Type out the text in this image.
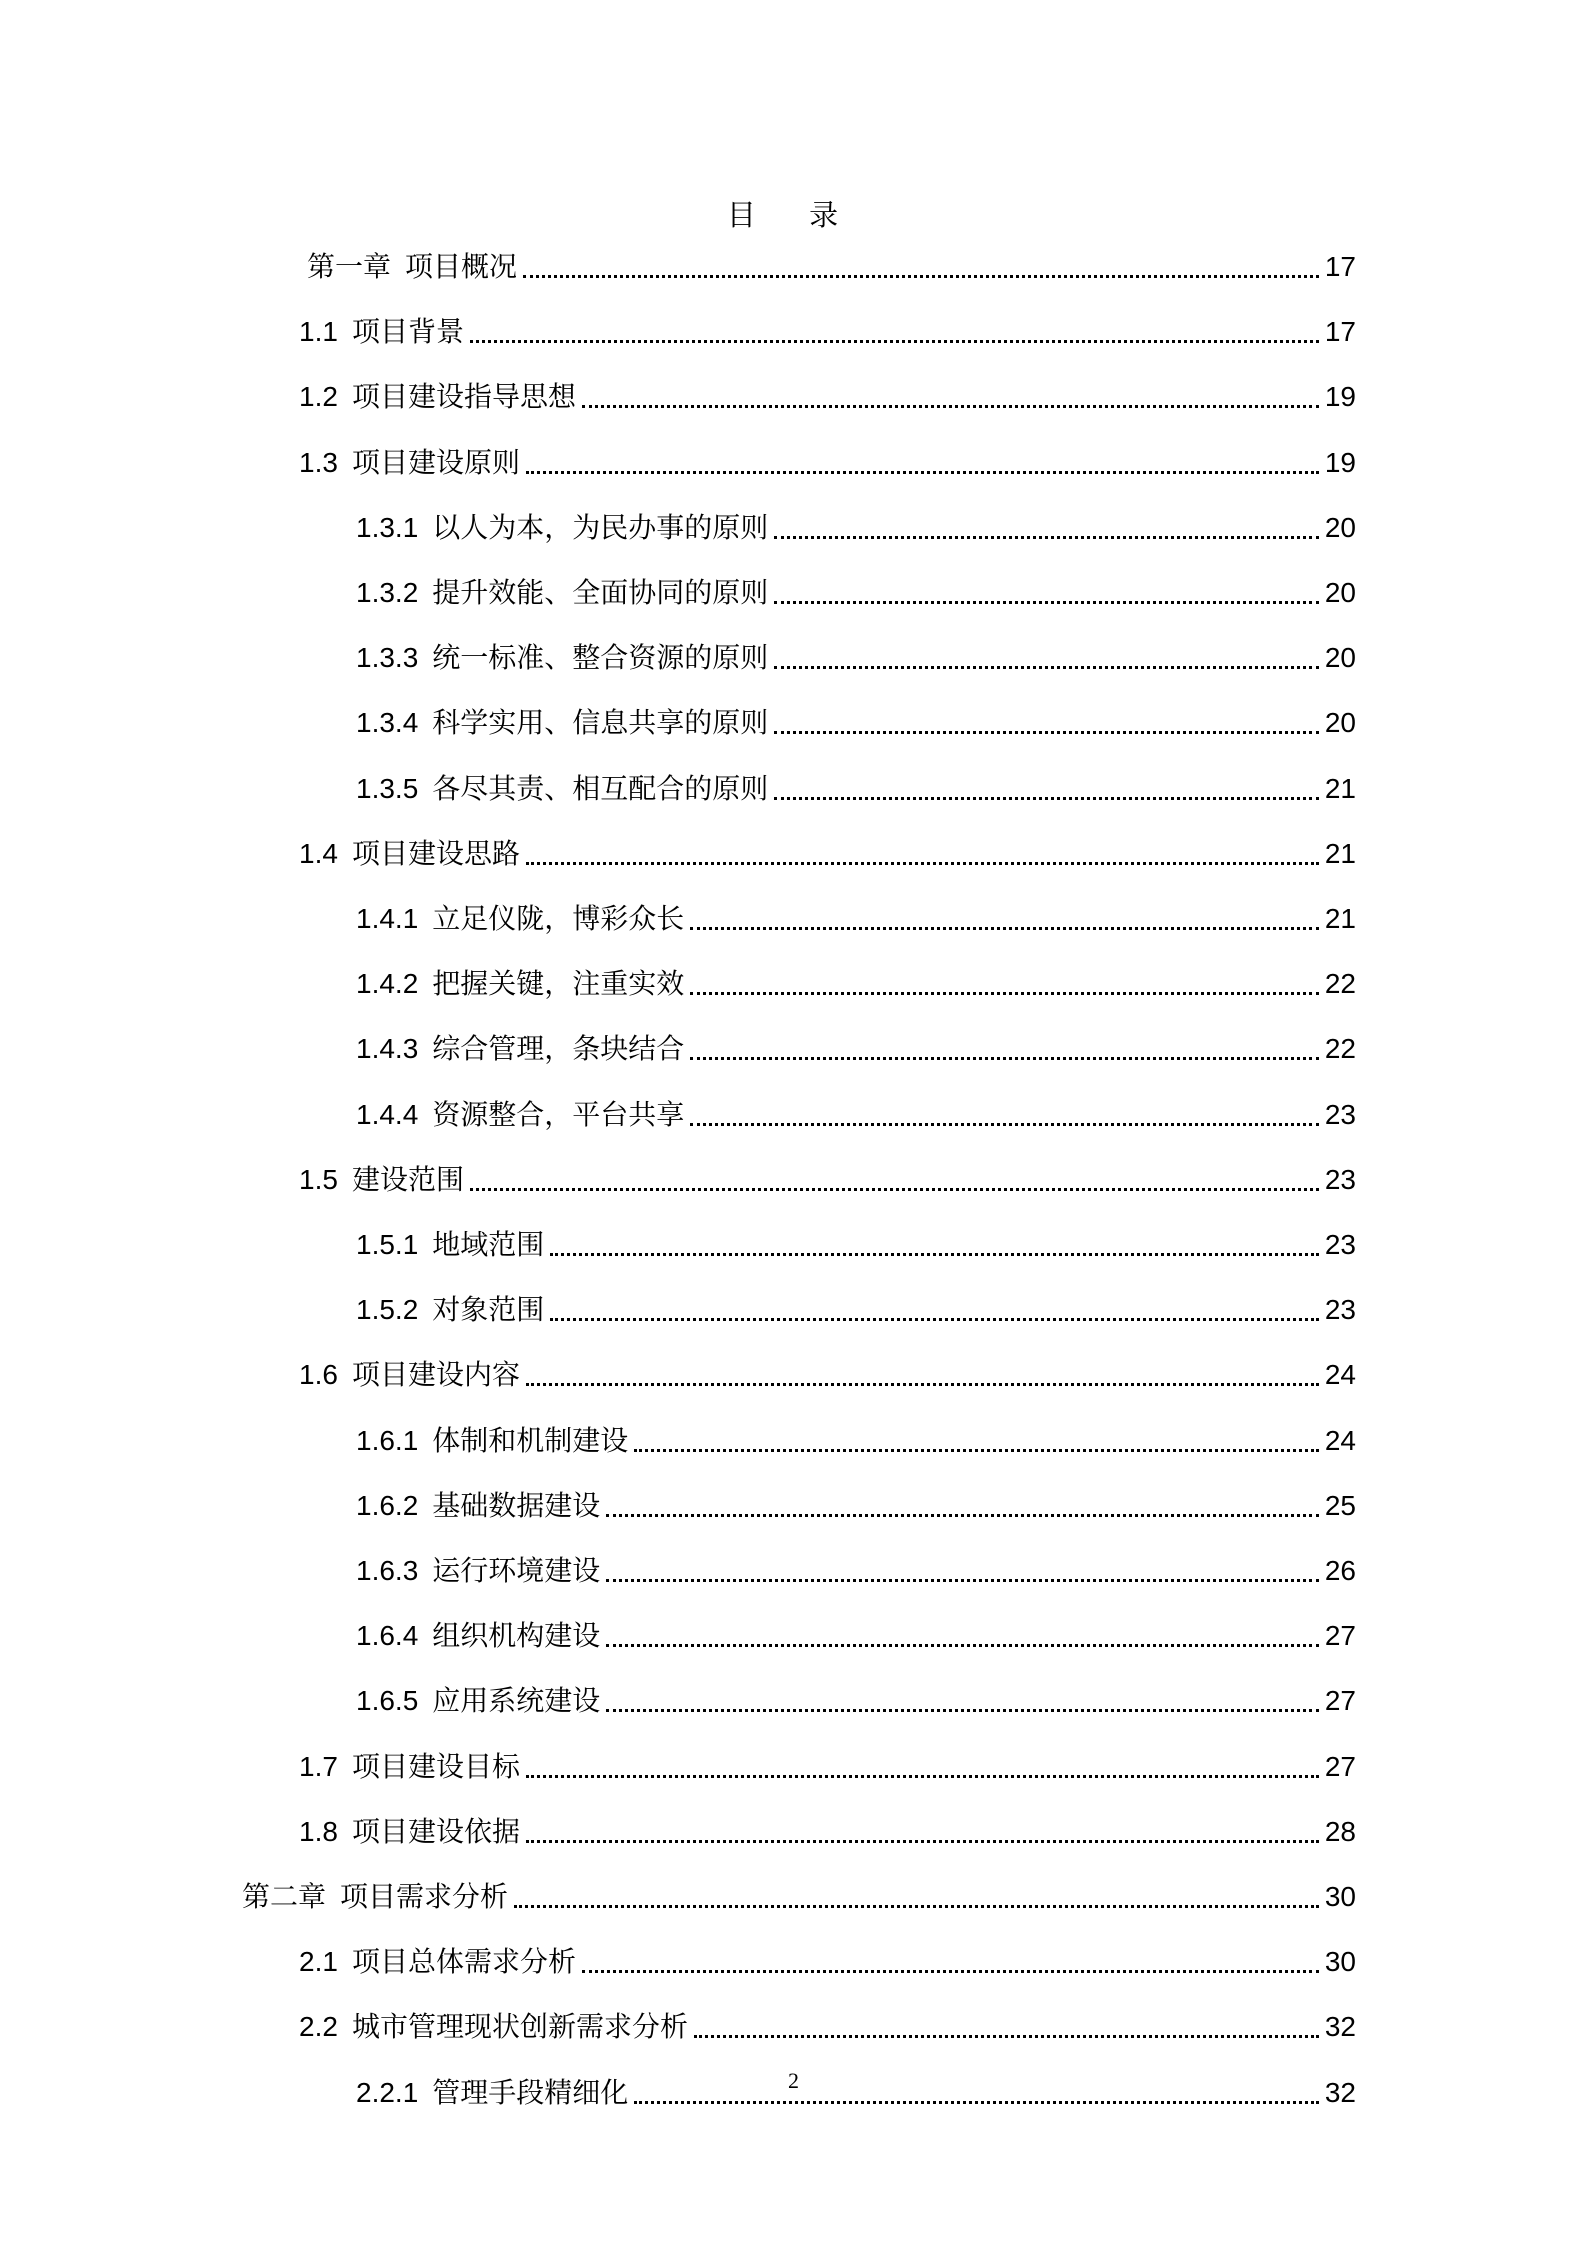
目 录
第一章 项目概况	17
1.1 项目背景	17
1.2 项目建设指导思想	19
1.3 项目建设原则	19
1.3.1 以人为本，为民办事的原则	20
1.3.2 提升效能、全面协同的原则	20
1.3.3 统一标准、整合资源的原则	20
1.3.4 科学实用、信息共享的原则	20
1.3.5 各尽其责、相互配合的原则	21
1.4 项目建设思路	21
1.4.1 立足仪陇，博彩众长	21
1.4.2 把握关键，注重实效	22
1.4.3 综合管理，条块结合	22
1.4.4 资源整合，平台共享	23
1.5 建设范围	23
1.5.1 地域范围	23
1.5.2 对象范围	23
1.6 项目建设内容	24
1.6.1 体制和机制建设	24
1.6.2 基础数据建设	25
1.6.3 运行环境建设	26
1.6.4 组织机构建设	27
1.6.5 应用系统建设	27
1.7 项目建设目标	27
1.8 项目建设依据	28
第二章 项目需求分析	30
2.1 项目总体需求分析	30
2.2 城市管理现状创新需求分析	32
2.2.1 管理手段精细化	32
2
